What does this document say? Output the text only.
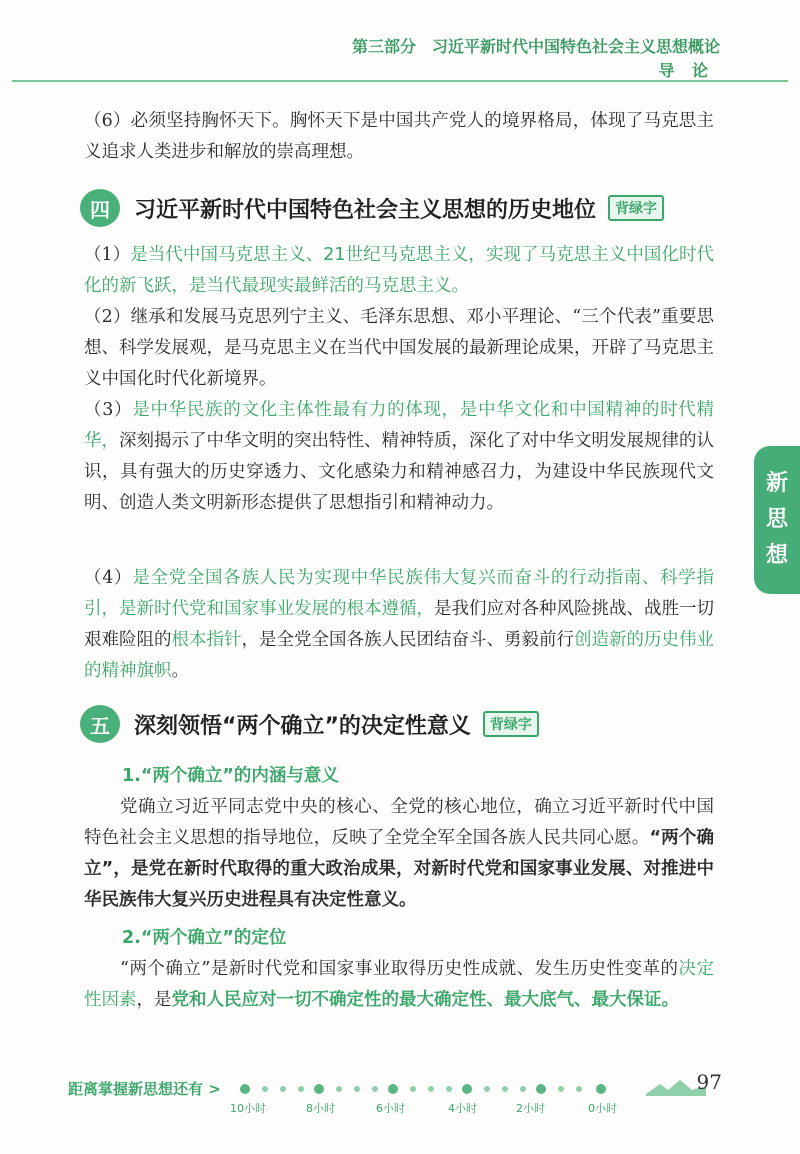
第三部分　习近平新时代中国特色社会主义思想概论
导 论
（6）必须坚持胸怀天下。胸怀天下是中国共产党人的境界格局，体现了马克思主义追求人类进步和解放的崇高理想。
四	习近平新时代中国特色社会主义思想的历史地位	背绿字
（1）是当代中国马克思主义、21世纪马克思主义，实现了马克思主义中国化时代化的新飞跃，是当代最现实最鲜活的马克思主义。
（2）继承和发展马克思列宁主义、毛泽东思想、邓小平理论、“三个代表”重要思想、科学发展观，是马克思主义在当代中国发展的最新理论成果，开辟了马克思主义中国化时代化新境界。
（3）是中华民族的文化主体性最有力的体现，是中华文化和中国精神的时代精华，深刻揭示了中华文明的突出特性、精神特质，深化了对中华文明发展规律的认识，具有强大的历史穿透力、文化感染力和精神感召力，为建设中华民族现代文明、创造人类文明新形态提供了思想指引和精神动力。
（4）是全党全国各族人民为实现中华民族伟大复兴而奋斗的行动指南、科学指引，是新时代党和国家事业发展的根本遵循，是我们应对各种风险挑战、战胜一切艰难险阻的根本指针，是全党全国各族人民团结奋斗、勇毅前行创造新的历史伟业的精神旗帜。
五	深刻领悟“两个确立”的决定性意义	背绿字
1.“两个确立”的内涵与意义
党确立习近平同志党中央的核心、全党的核心地位，确立习近平新时代中国特色社会主义思想的指导地位，反映了全党全军全国各族人民共同心愿。“两个确立”，是党在新时代取得的重大政治成果，对新时代党和国家事业发展、对推进中华民族伟大复兴历史进程具有决定性意义。
2.“两个确立”的定位
“两个确立”是新时代党和国家事业取得历史性成就、发生历史性变革的决定性因素，是党和人民应对一切不确定性的最大确定性、最大底气、最大保证。
新
思
想
距离掌握新思想还有 >
10小时	8小时	6小时	4小时	2小时	0小时
97
